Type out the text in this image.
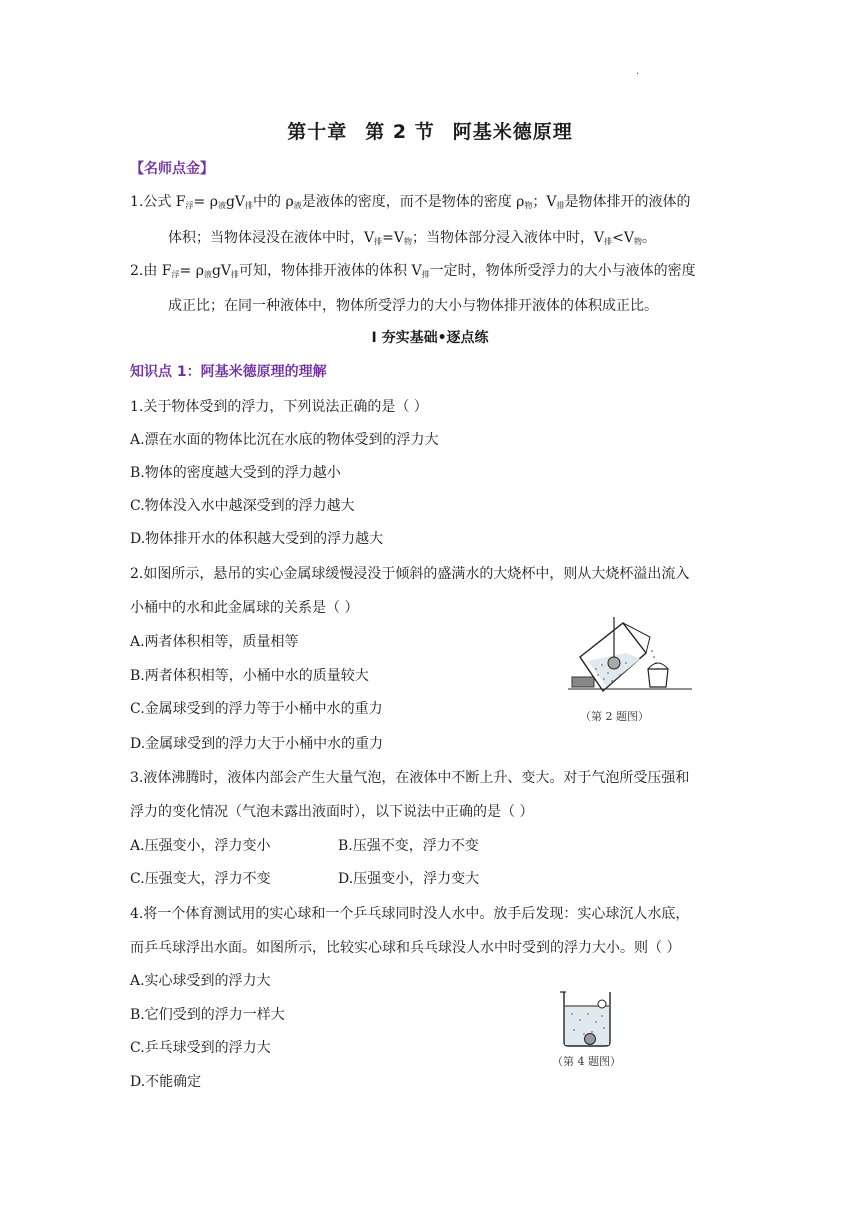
.
第十章 第 2 节 阿基米德原理
【名师点金】
1.公式 $F_浮= \rho_液gV_排$中的 $\rho_液$是液体的密度，而不是物体的密度 $\rho_物$；$V_排$是物体排开的液体的
体积；当物体浸没在液体中时，$V_排=V_物$；当物体部分浸入液体中时，$V_排<V_物$。
2.由 $F_浮= \rho_液gV_排$可知，物体排开液体的体积 $V_排$一定时，物体所受浮力的大小与液体的密度
成正比；在同一种液体中，物体所受浮力的大小与物体排开液体的体积成正比。
Ⅰ 夯实基础•逐点练
知识点 1：阿基米德原理的理解
1.关于物体受到的浮力，下列说法正确的是（ ）
A.漂在水面的物体比沉在水底的物体受到的浮力大
B.物体的密度越大受到的浮力越小
C.物体没入水中越深受到的浮力越大
D.物体排开水的体积越大受到的浮力越大
2.如图所示，悬吊的实心金属球缓慢浸没于倾斜的盛满水的大烧杯中，则从大烧杯溢出流入
小桶中的水和此金属球的关系是（ ）
A.两者体积相等，质量相等
B.两者体积相等，小桶中水的质量较大
C.金属球受到的浮力等于小桶中水的重力
D.金属球受到的浮力大于小桶中水的重力
（第 2 题图）
3.液体沸腾时，液体内部会产生大量气泡，在液体中不断上升、变大。对于气泡所受压强和
浮力的变化情况（气泡未露出液面时），以下说法中正确的是（ ）
A.压强变小，浮力变小	B.压强不变，浮力不变
C.压强变大，浮力不变	D.压强变小，浮力变大
4.将一个体育测试用的实心球和一个乒乓球同时没人水中。放手后发现：实心球沉人水底，
而乒乓球浮出水面。如图所示，比较实心球和兵乓球没人水中时受到的浮力大小。则（ ）
A.实心球受到的浮力大
B.它们受到的浮力一样大
C.乒乓球受到的浮力大
D.不能确定
（第 4 题图）
